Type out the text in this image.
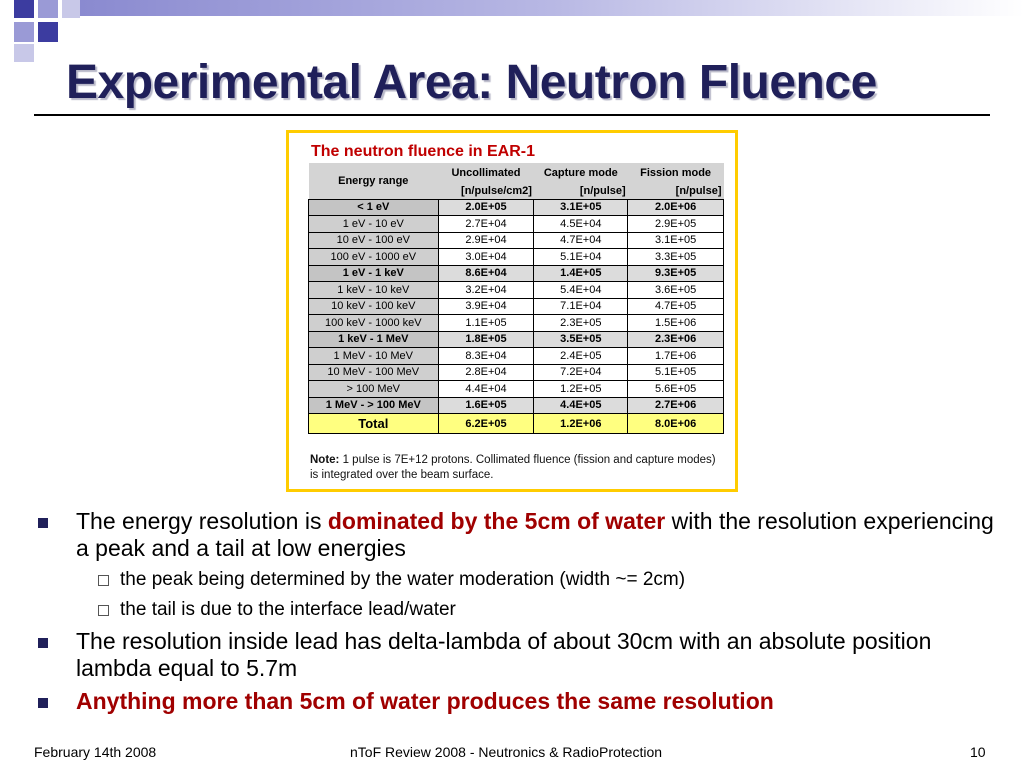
Experimental Area: Neutron Fluence
The neutron fluence in EAR-1
Energy range	Uncollimated	Capture mode	Fission mode
	[n/pulse/cm2]	[n/pulse]	[n/pulse]
< 1 eV	2.0E+05	3.1E+05	2.0E+06
1 eV - 10 eV	2.7E+04	4.5E+04	2.9E+05
10 eV - 100 eV	2.9E+04	4.7E+04	3.1E+05
100 eV - 1000 eV	3.0E+04	5.1E+04	3.3E+05
1 eV - 1 keV	8.6E+04	1.4E+05	9.3E+05
1 keV - 10 keV	3.2E+04	5.4E+04	3.6E+05
10 keV - 100 keV	3.9E+04	7.1E+04	4.7E+05
100 keV - 1000 keV	1.1E+05	2.3E+05	1.5E+06
1 keV - 1 MeV	1.8E+05	3.5E+05	2.3E+06
1 MeV - 10 MeV	8.3E+04	2.4E+05	1.7E+06
10 MeV - 100 MeV	2.8E+04	7.2E+04	5.1E+05
> 100 MeV	4.4E+04	1.2E+05	5.6E+05
1 MeV - > 100 MeV	1.6E+05	4.4E+05	2.7E+06
Total	6.2E+05	1.2E+06	8.0E+06
Note: 1 pulse is 7E+12 protons. Collimated fluence (fission and capture modes) is integrated over the beam surface.
The energy resolution is dominated by the 5cm of water with the resolution experiencing a peak and a tail at low energies
the peak being determined by the water moderation (width ~= 2cm)
the tail is due to the interface lead/water
The resolution inside lead has delta-lambda of about 30cm with an absolute position lambda equal to 5.7m
Anything more than 5cm of water produces the same resolution
February 14th 2008	nToF Review 2008 - Neutronics & RadioProtection	10
